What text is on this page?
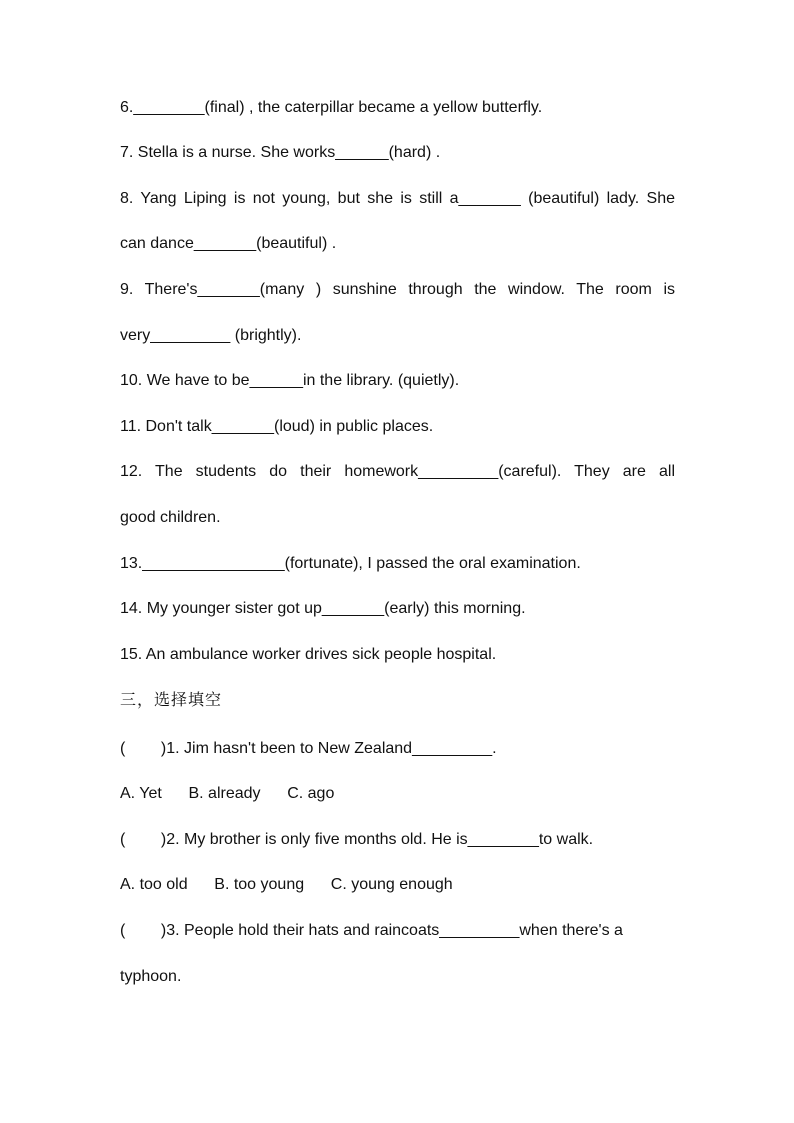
6.________(final) , the caterpillar became a yellow butterfly.
7. Stella is a nurse. She works______(hard) .
8. Yang Liping is not young, but she is still a_______ (beautiful) lady. She
can dance_______(beautiful) .
9. There's_______(many ) sunshine through the window. The room is
very_________ (brightly).
10. We have to be______in the library. (quietly).
11. Don't talk_______(loud) in public places.
12. The students do their homework_________(careful). They are all
good children.
13.________________(fortunate), I passed the oral examination.
14. My younger sister got up_______(early) this morning.
15. An ambulance worker drives sick people hospital.
三，选择填空
(        )1. Jim hasn't been to New Zealand_________.
A. Yet      B. already      C. ago
(        )2. My brother is only five months old. He is________to walk.
A. too old      B. too young      C. young enough
(        )3. People hold their hats and raincoats_________when there's a
typhoon.
